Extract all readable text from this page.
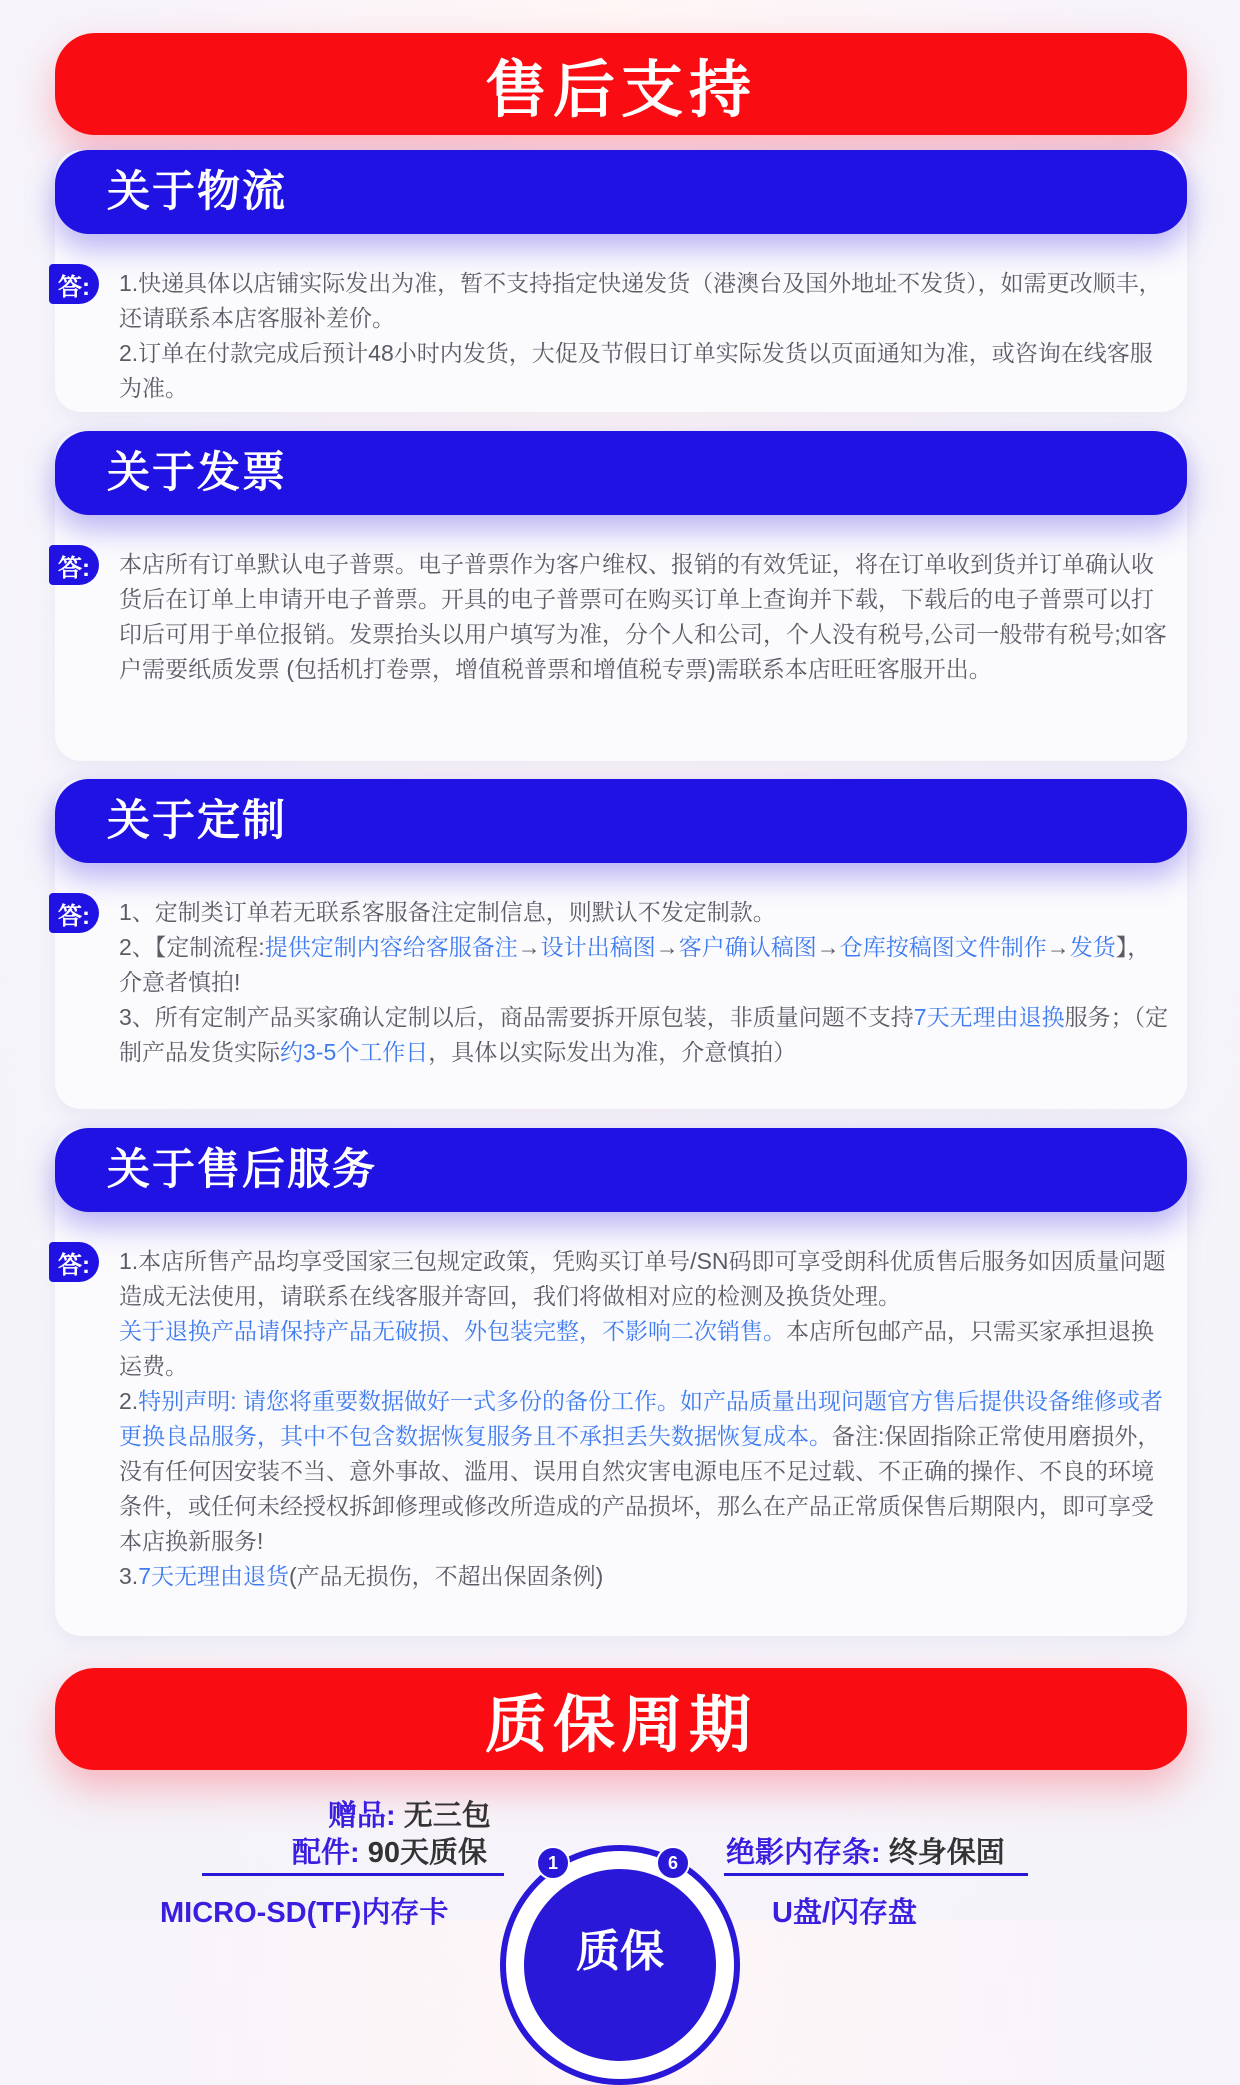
售后支持
关于物流
答:	1.快递具体以店铺实际发出为准，暂不支持指定快递发货（港澳台及国外地址不发货），如需更改顺丰，还请联系本店客服补差价。

2.订单在付款完成后预计48小时内发货，大促及节假日订单实际发货以页面通知为准，或咨询在线客服为准。

关于发票
答:	本店所有订单默认电子普票。电子普票作为客户维权、报销的有效凭证，将在订单收到货并订单确认收货后在订单上申请开电子普票。开具的电子普票可在购买订单上查询并下载，下载后的电子普票可以打印后可用于单位报销。发票抬头以用户填写为准，分个人和公司，个人没有税号,公司一般带有税号;如客户需要纸质发票 (包括机打卷票，增值税普票和增值税专票)需联系本店旺旺客服开出。

关于定制
答:	1、定制类订单若无联系客服备注定制信息，则默认不发定制款。

2、【定制流程:提供定制内容给客服备注→设计出稿图→客户确认稿图→仓库按稿图文件制作→发货】，介意者慎拍!

3、所有定制产品买家确认定制以后，商品需要拆开原包装，非质量问题不支持7天无理由退换服务；（定制产品发货实际约3-5个工作日，具体以实际发出为准，介意慎拍）

关于售后服务
答:	1.本店所售产品均享受国家三包规定政策，凭购买订单号/SN码即可享受朗科优质售后服务如因质量问题造成无法使用，请联系在线客服并寄回，我们将做相对应的检测及换货处理。

关于退换产品请保持产品无破损、外包装完整，不影响二次销售。本店所包邮产品，只需买家承担退换运费。

2.特别声明: 请您将重要数据做好一式多份的备份工作。如产品质量出现问题官方售后提供设备维修或者更换良品服务，其中不包含数据恢复服务且不承担丢失数据恢复成本。备注:保固指除正常使用磨损外，没有任何因安装不当、意外事故、滥用、误用自然灾害电源电压不足过载、不正确的操作、不良的环境条件，或任何未经授权拆卸修理或修改所造成的产品损坏，那么在产品正常质保售后期限内，即可享受本店换新服务!

3.7天无理由退货(产品无损伤，不超出保固条例)

质保周期
赠品: 无三包
配件: 90天质保	绝影内存条: 终身保固
MICRO-SD(TF)内存卡	U盘/闪存盘
质保
1	6
